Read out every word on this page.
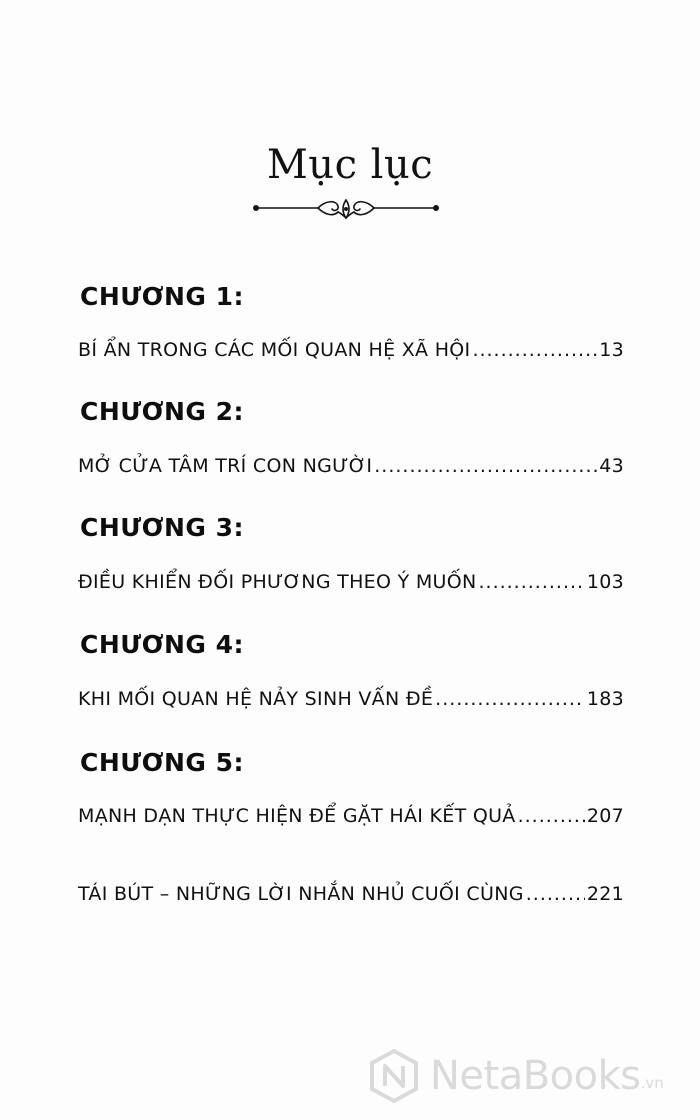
Mục lục
CHƯƠNG 1:
BÍ ẨN TRONG CÁC MỐI QUAN HỆ XÃ HỘI .....	13
CHƯƠNG 2:
MỞ CỬA TÂM TRÍ CON NGƯỜI .....	43
CHƯƠNG 3:
ĐIỀU KHIỂN ĐỐI PHƯƠNG THEO Ý MUỐN .....	103
CHƯƠNG 4:
KHI MỐI QUAN HỆ NẢY SINH VẤN ĐỀ .....	183
CHƯƠNG 5:
MẠNH DẠN THỰC HIỆN ĐỂ GẶT HÁI KẾT QUẢ .....	207
TÁI BÚT – NHỮNG LỜI NHẮN NHỦ CUỐI CÙNG .....	221
NetaBooks .vn
